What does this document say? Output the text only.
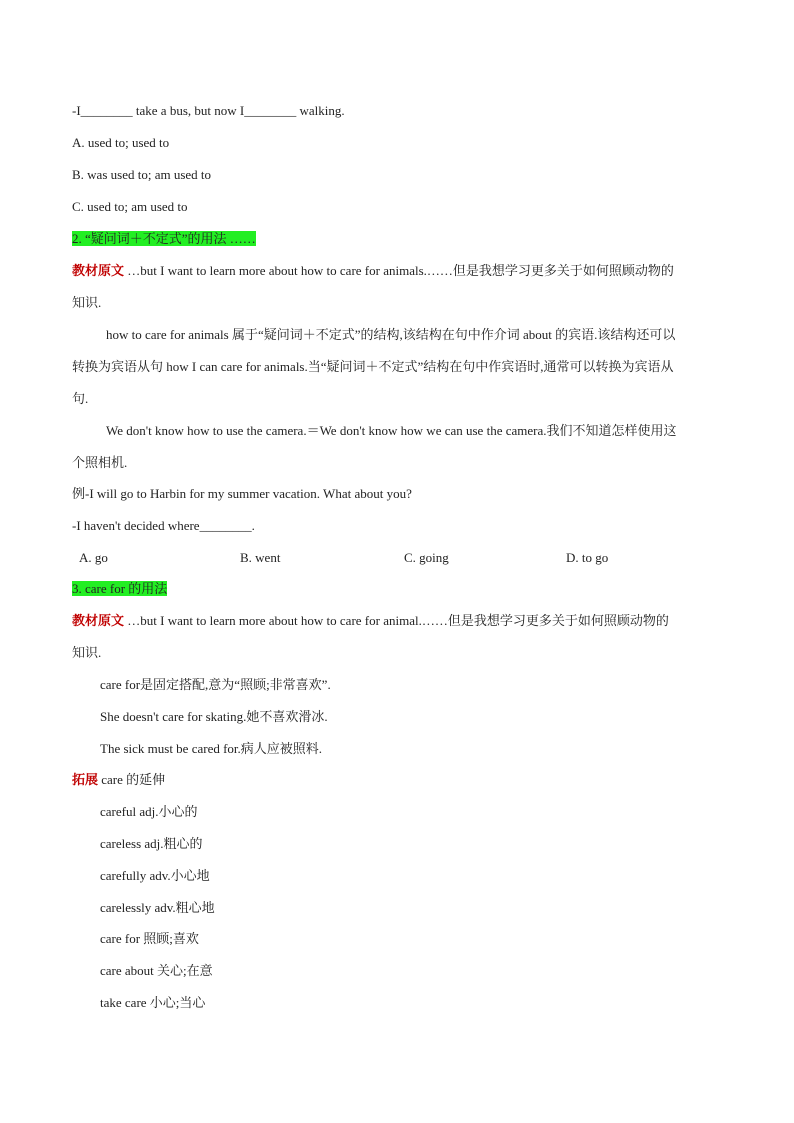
-I________ take a bus, but now I________ walking.
A. used to; used to
B. was used to; am used to
C. used to; am used to
2. “疑问词＋不定式”的用法 ……
教材原文 …but I want to learn more about how to care for animals.……但是我想学习更多关于如何照顾动物的
知识.
how to care for animals 属于“疑问词＋不定式”的结构,该结构在句中作介词 about 的宾语.该结构还可以
转换为宾语从句 how I can care for animals.当“疑问词＋不定式”结构在句中作宾语时,通常可以转换为宾语从
句.
We don't know how to use the camera.＝We don't know how we can use the camera.我们不知道怎样使用这
个照相机.
例-I will go to Harbin for my summer vacation. What about you?
-I haven't decided where________.
A. go	B. went	C. going	D. to go
3. care for 的用法
教材原文 …but I want to learn more about how to care for animal.……但是我想学习更多关于如何照顾动物的
知识.
care for是固定搭配,意为“照顾;非常喜欢”.
She doesn't care for skating.她不喜欢滑冰.
The sick must be cared for.病人应被照料.
拓展 care 的延伸
careful adj.小心的
careless adj.粗心的
carefully adv.小心地
carelessly adv.粗心地
care for 照顾;喜欢
care about 关心;在意
take care 小心;当心
